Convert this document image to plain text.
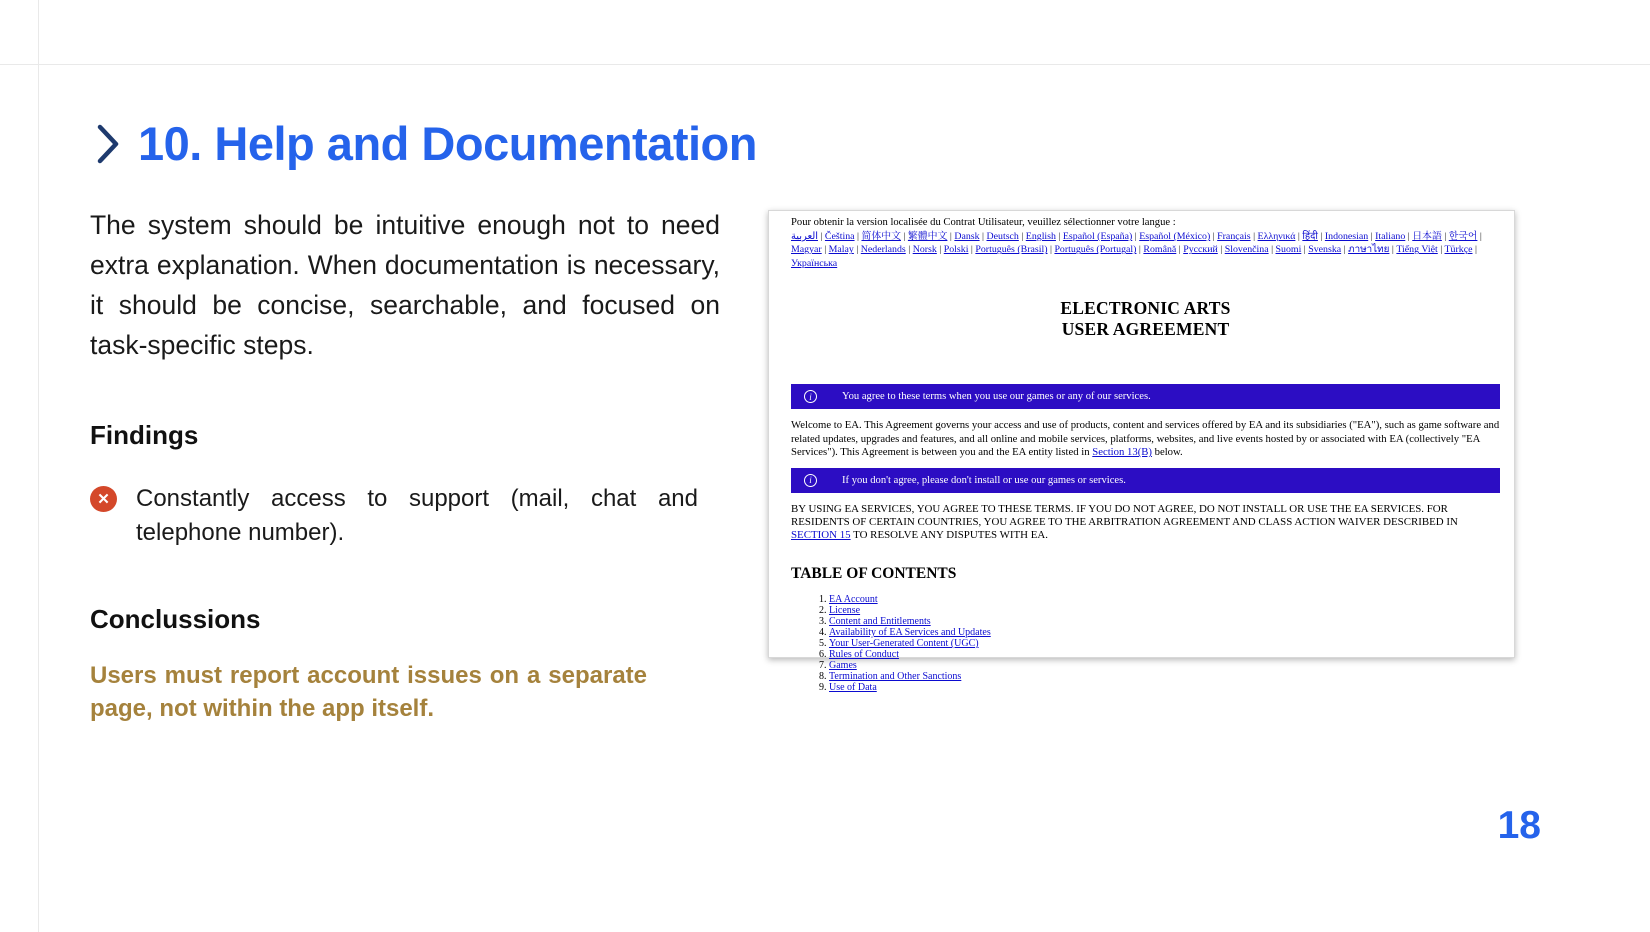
10. Help and Documentation

The system should be intuitive enough not to need extra explanation. When documentation is necessary, it should be concise, searchable, and focused on task-specific steps.

Findings
✕	Constantly access to support (mail, chat and telephone number).
Conclussions

Users must report account issues on a separate page, not within the app itself.

18
Pour obtenir la version localisée du Contrat Utilisateur, veuillez sélectionner votre langue :
العربية | Čeština | 简体中文 | 繁體中文 | Dansk | Deutsch | English | Español (España) | Español (México) | Français | Ελληνικά | हिंदी | Indonesian | Italiano | 日本語 | 한국어 | Magyar | Malay | Nederlands | Norsk | Polski | Português (Brasil) | Português (Portugal) | Română | Русский | Slovenčina | Suomi | Svenska | ภาษาไทย | Tiếng Việt | Türkçe | Українська
ELECTRONIC ARTS
USER AGREEMENT
i	You agree to these terms when you use our games or any of our services.

Welcome to EA. This Agreement governs your access and use of products, content and services offered by EA and its subsidiaries ("EA"), such as game software and related updates, upgrades and features, and all online and mobile services, platforms, websites, and live events hosted by or associated with EA (collectively "EA Services"). This Agreement is between you and the EA entity listed in Section 13(B) below.

i	If you don't agree, please don't install or use our games or services.

BY USING EA SERVICES, YOU AGREE TO THESE TERMS. IF YOU DO NOT AGREE, DO NOT INSTALL OR USE THE EA SERVICES. FOR RESIDENTS OF CERTAIN COUNTRIES, YOU AGREE TO THE ARBITRATION AGREEMENT AND CLASS ACTION WAIVER DESCRIBED IN SECTION 15 TO RESOLVE ANY DISPUTES WITH EA.

TABLE OF CONTENTS
1. EA Account
2. License
3. Content and Entitlements
4. Availability of EA Services and Updates
5. Your User-Generated Content (UGC)
6. Rules of Conduct
7. Games
8. Termination and Other Sanctions
9. Use of Data
